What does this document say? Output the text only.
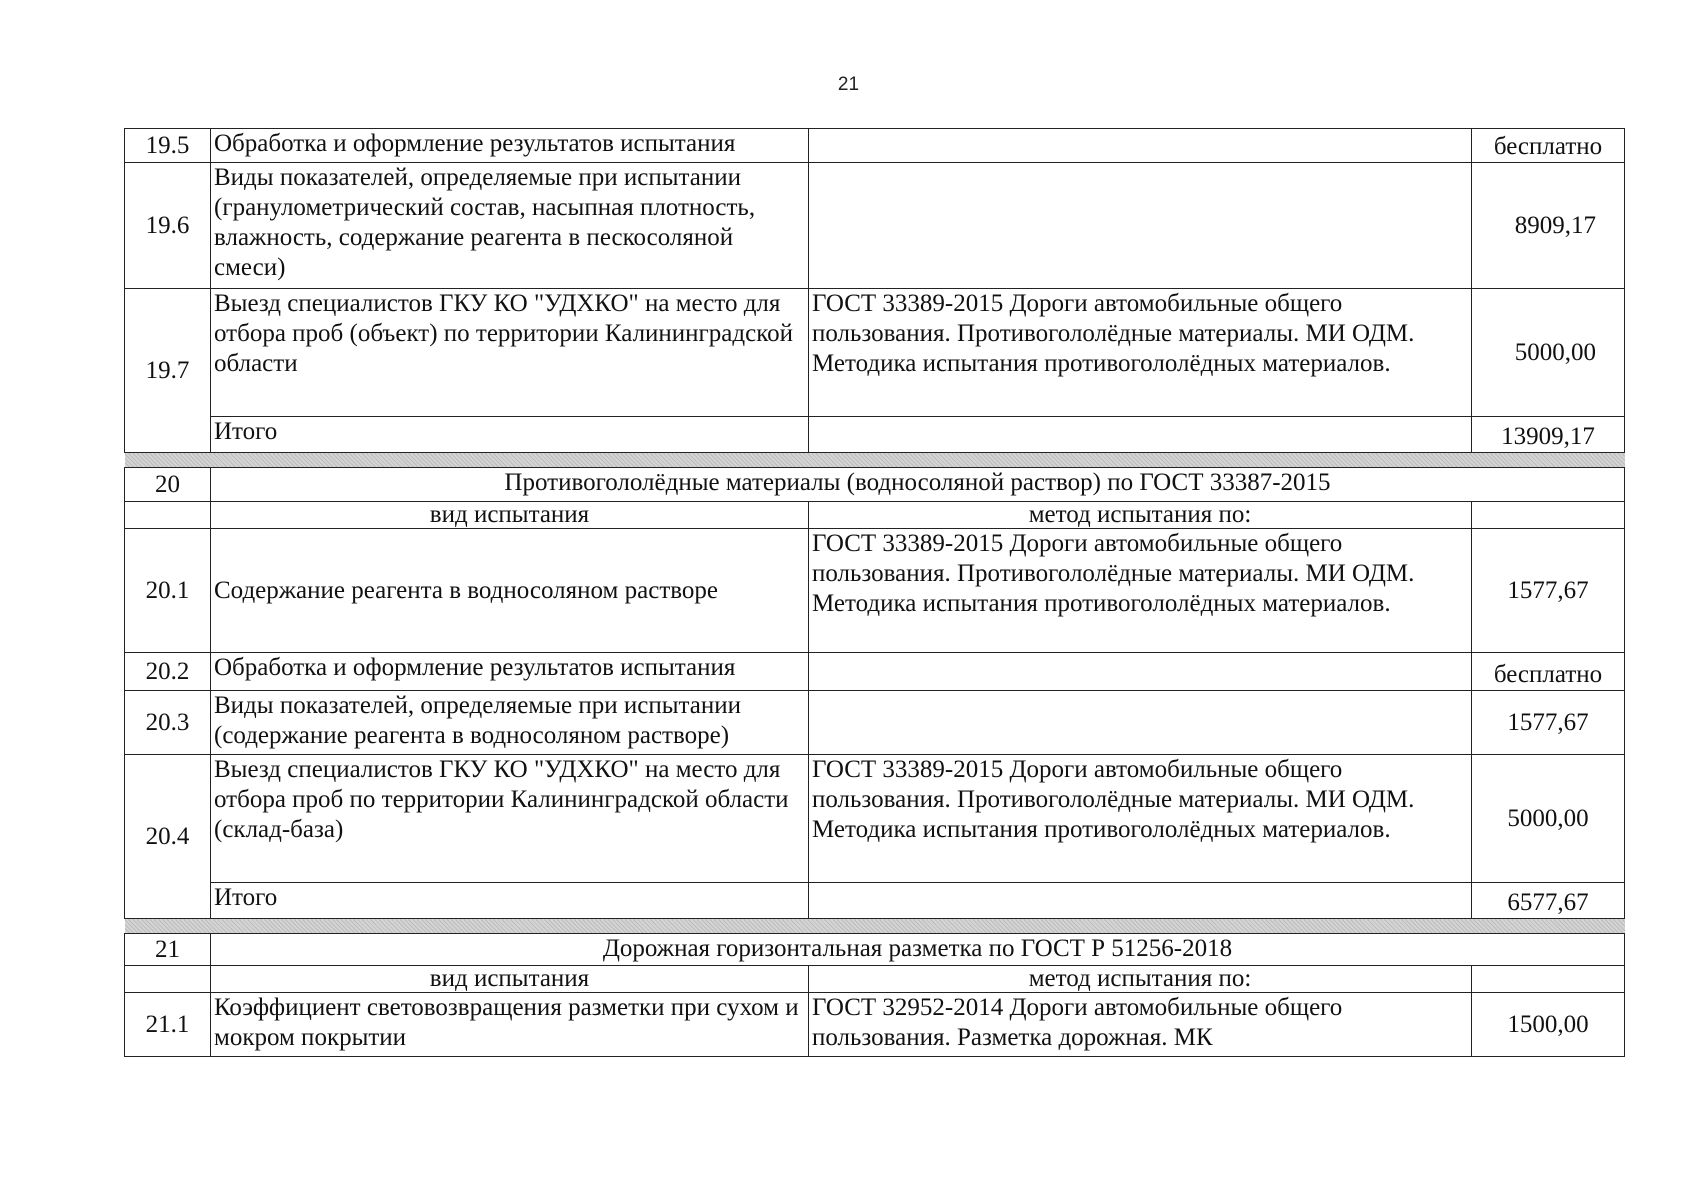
21
19.5	Обработка и оформление результатов испытания		бесплатно
19.6	Виды показателей, определяемые при испытании (гранулометрический состав, насыпная плотность, влажность, содержание реагента в пескосоляной смеси)		8909,17
19.7	Выезд специалистов ГКУ КО "УДХКО" на место для отбора проб (объект) по территории Калининградской области	ГОСТ 33389-2015 Дороги автомобильные общего пользования. Противогололёдные материалы. МИ ОДМ. Методика испытания противогололёдных материалов.	5000,00
	Итого		13909,17

20	Противогололёдные материалы (водносоляной раствор) по ГОСТ 33387-2015		
	вид испытания	метод испытания по:	
20.1	Содержание реагента в водносоляном растворе	ГОСТ 33389-2015 Дороги автомобильные общего пользования. Противогололёдные материалы. МИ ОДМ. Методика испытания противогололёдных материалов.	1577,67
20.2	Обработка и оформление результатов испытания		бесплатно
20.3	Виды показателей, определяемые при испытании (содержание реагента в водносоляном растворе)		1577,67
20.4	Выезд специалистов ГКУ КО "УДХКО" на место для отбора проб по территории Калининградской области (склад-база)	ГОСТ 33389-2015 Дороги автомобильные общего пользования. Противогололёдные материалы. МИ ОДМ. Методика испытания противогололёдных материалов.	5000,00
	Итого		6577,67

21	Дорожная горизонтальная разметка по ГОСТ Р 51256-2018		
	вид испытания	метод испытания по:	
21.1	Коэффициент световозвращения разметки при сухом и мокром покрытии	ГОСТ 32952-2014 Дороги автомобильные общего пользования. Разметка дорожная. МК	1500,00
